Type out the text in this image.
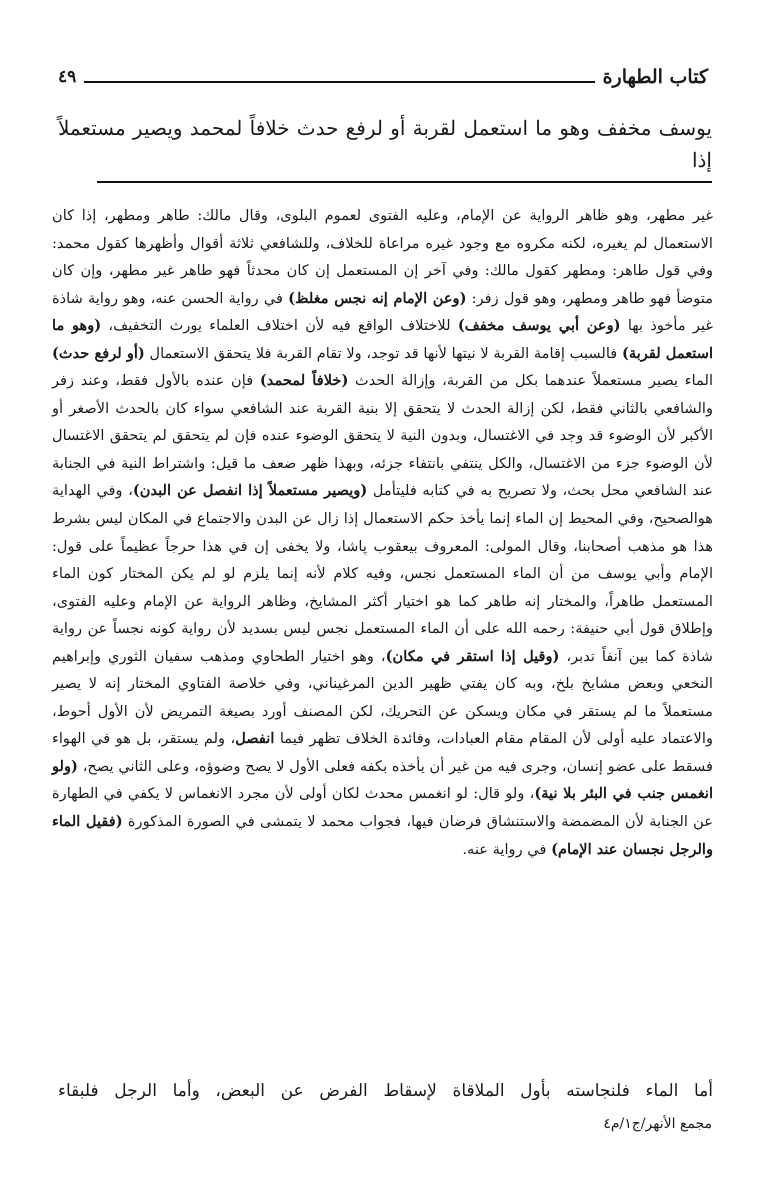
كتاب الطهارة
٤٩

يوسف مخفف وهو ما استعمل لقربة أو لرفع حدث خلافاً لمحمد ويصير مستعملاً إذا

غير مطهر، وهو ظاهر الرواية عن الإمام، وعليه الفتوى لعموم البلوى، وقال مالك: طاهر ومطهر، إذا كان الاستعمال لم يغيره، لكنه مكروه مع وجود غيره مراعاة للخلاف، وللشافعي ثلاثة أقوال وأظهرها كقول محمد: وفي قول طاهر: ومطهر كقول مالك: وفي آخر إن المستعمل إن كان محدثاً فهو طاهر غير مطهر، وإن كان متوضأ فهو طاهر ومطهر، وهو قول زفر: (وعن الإمام إنه نجس مغلظ) في رواية الحسن عنه، وهو رواية شاذة غير مأخوذ بها (وعن أبي يوسف مخفف) للاختلاف الواقع فيه لأن اختلاف العلماء يورث التخفيف، (وهو ما استعمل لقربة) فالسبب إقامة القربة لا نيتها لأنها قد توجد، ولا تقام القربة فلا يتحقق الاستعمال (أو لرفع حدث) الماء يصير مستعملاً عندهما بكل من القربة، وإزالة الحدث (خلافاً لمحمد) فإن عنده بالأول فقط، وعند زفر والشافعي بالثاني فقط، لكن إزالة الحدث لا يتحقق إلا بنية القربة عند الشافعي سواء كان بالحدث الأصغر أو الأكبر لأن الوضوء قد وجد في الاغتسال، وبدون النية لا يتحقق الوضوء عنده فإن لم يتحقق لم يتحقق الاغتسال لأن الوضوء جزء من الاغتسال، والكل ينتفي بانتفاء جزئه، وبهذا ظهر ضعف ما قيل: واشتراط النية في الجنابة عند الشافعي محل بحث، ولا تصريح به في كتابه فليتأمل (ويصير مستعملاً إذا انفصل عن البدن)، وفي الهداية هوالصحيح، وفي المحيط إن الماء إنما يأخذ حكم الاستعمال إذا زال عن البدن والاجتماع في المكان ليس بشرط هذا هو مذهب أصحابنا، وقال المولى: المعروف بيعقوب پاشا، ولا يخفى إن في هذا حرجاً عظيماً على قول: الإمام وأبي يوسف من أن الماء المستعمل نجس، وفيه كلام لأنه إنما يلزم لو لم يكن المختار كون الماء المستعمل طاهراً، والمختار إنه طاهر كما هو اختيار أكثر المشايخ، وظاهر الرواية عن الإمام وعليه الفتوى، وإطلاق قول أبي حنيفة: رحمه الله على أن الماء المستعمل نجس ليس بسديد لأن رواية كونه نجساً عن رواية شاذة كما بين آنفاً تدبر، (وقيل إذا استقر في مكان)، وهو اختيار الطحاوي ومذهب سفيان الثوري وإبراهيم النخعي وبعض مشايخ بلخ، وبه كان يفتي ظهير الدين المرغيناني، وفي خلاصة الفتاوي المختار إنه لا يصير مستعملاً ما لم يستقر في مكان ويسكن عن التحريك، لكن المصنف أورد بصيغة التمريض لأن الأول أحوط، والاعتماد عليه أولى لأن المقام مقام العبادات، وفائدة الخلاف تظهر فيما انفصل، ولم يستقر، بل هو في الهواء فسقط على عضو إنسان، وجرى فيه من غير أن يأخذه بكفه فعلى الأول لا يصح وضوؤه، وعلى الثاني يصح، (ولو انغمس جنب في البئر بلا نية)، ولو قال: لو انغمس محدث لكان أولى لأن مجرد الانغماس لا يكفي في الطهارة عن الجنابة لأن المضمضة والاستنشاق فرضان فيها، فجواب محمد لا يتمشى في الصورة المذكورة (فقيل الماء والرجل نجسان عند الإمام) في رواية عنه.

أما الماء فلنجاسته بأول الملاقاة لإسقاط الفرض عن البعض، وأما الرجل فلبقاء

مجمع الأنهر/ج١/م٤
